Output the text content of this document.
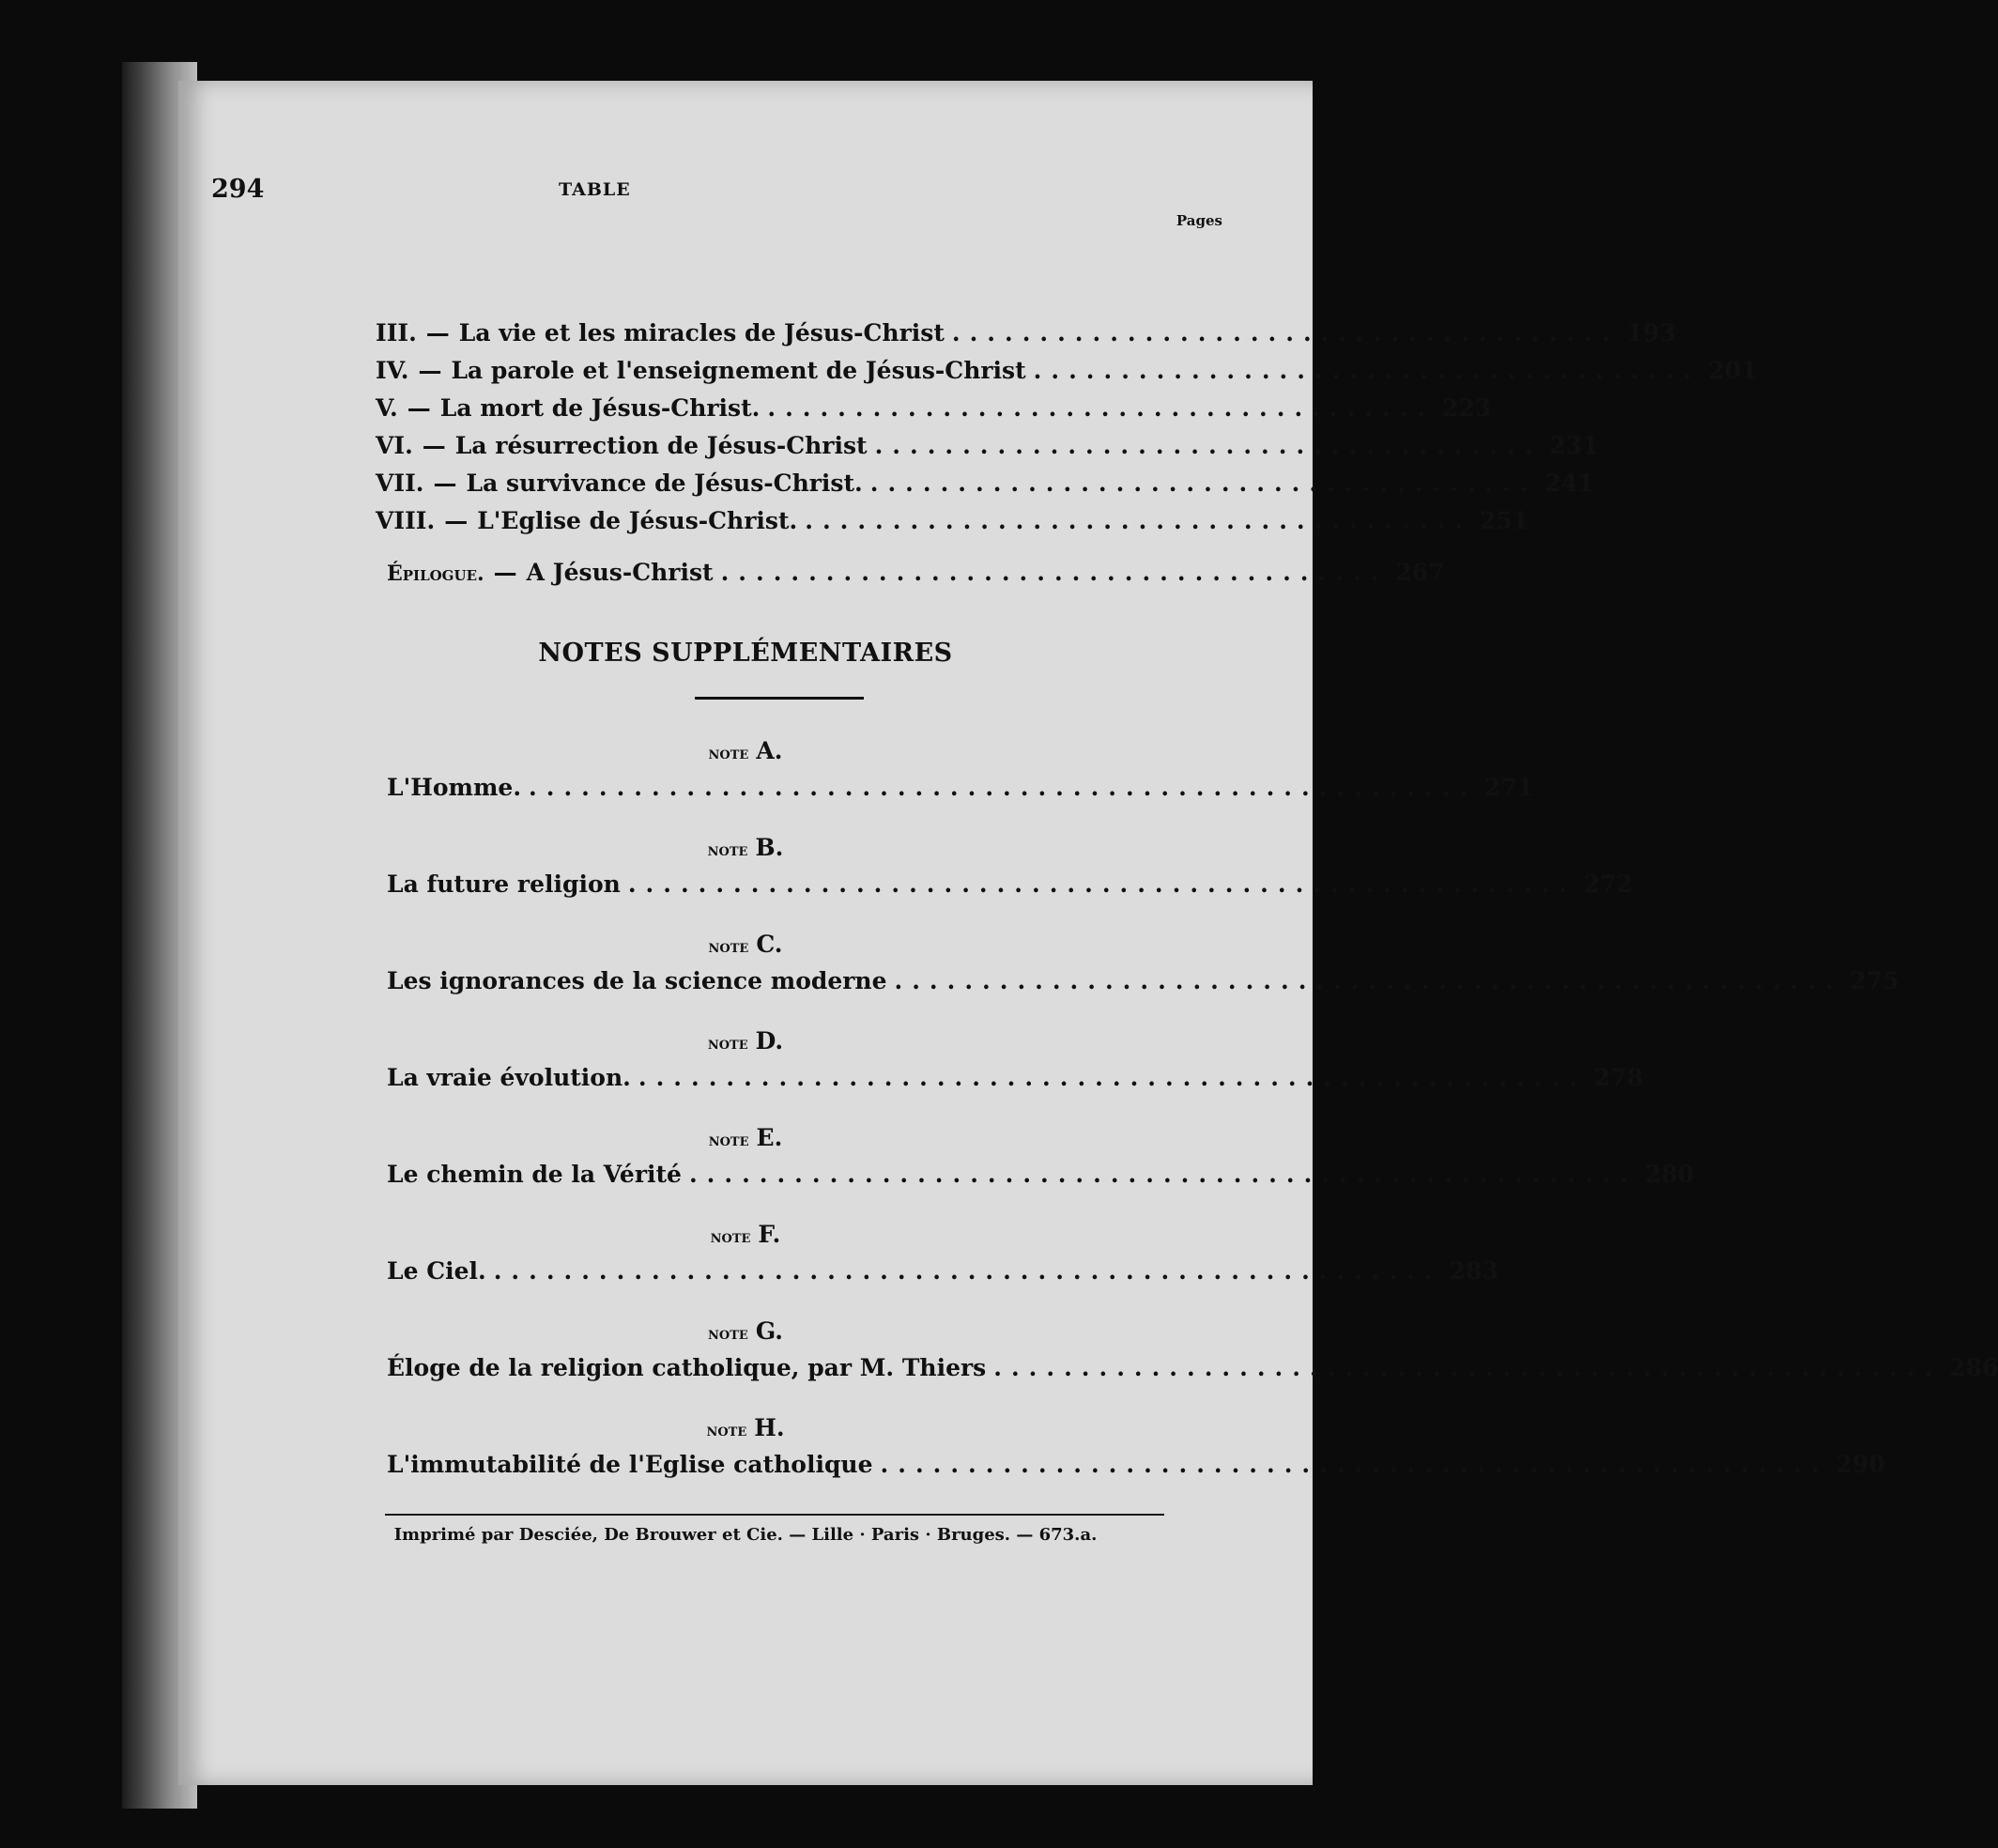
294	TABLE
Pages
III. — La vie et les miracles de Jésus-Christ ...................................... 193
IV. — La parole et l'enseignement de Jésus-Christ ...................................... 201
V. — La mort de Jésus-Christ. ...................................... 223
VI. — La résurrection de Jésus-Christ ...................................... 231
VII. — La survivance de Jésus-Christ. ...................................... 241
VIII. — L'Eglise de Jésus-Christ. ...................................... 251
Épilogue. — A Jésus-Christ ...................................... 267
NOTES SUPPLÉMENTAIRES
note A.
L'Homme. ...................................................... 271
note B.
La future religion ...................................................... 272
note C.
Les ignorances de la science moderne ...................................................... 275
note D.
La vraie évolution. ...................................................... 278
note E.
Le chemin de la Vérité ...................................................... 280
note F.
Le Ciel. ...................................................... 283
note G.
Éloge de la religion catholique, par M. Thiers ...................................................... 286
note H.
L'immutabilité de l'Eglise catholique ...................................................... 290
Imprimé par Desciée, De Brouwer et Cie. — Lille · Paris · Bruges. — 673.a.
